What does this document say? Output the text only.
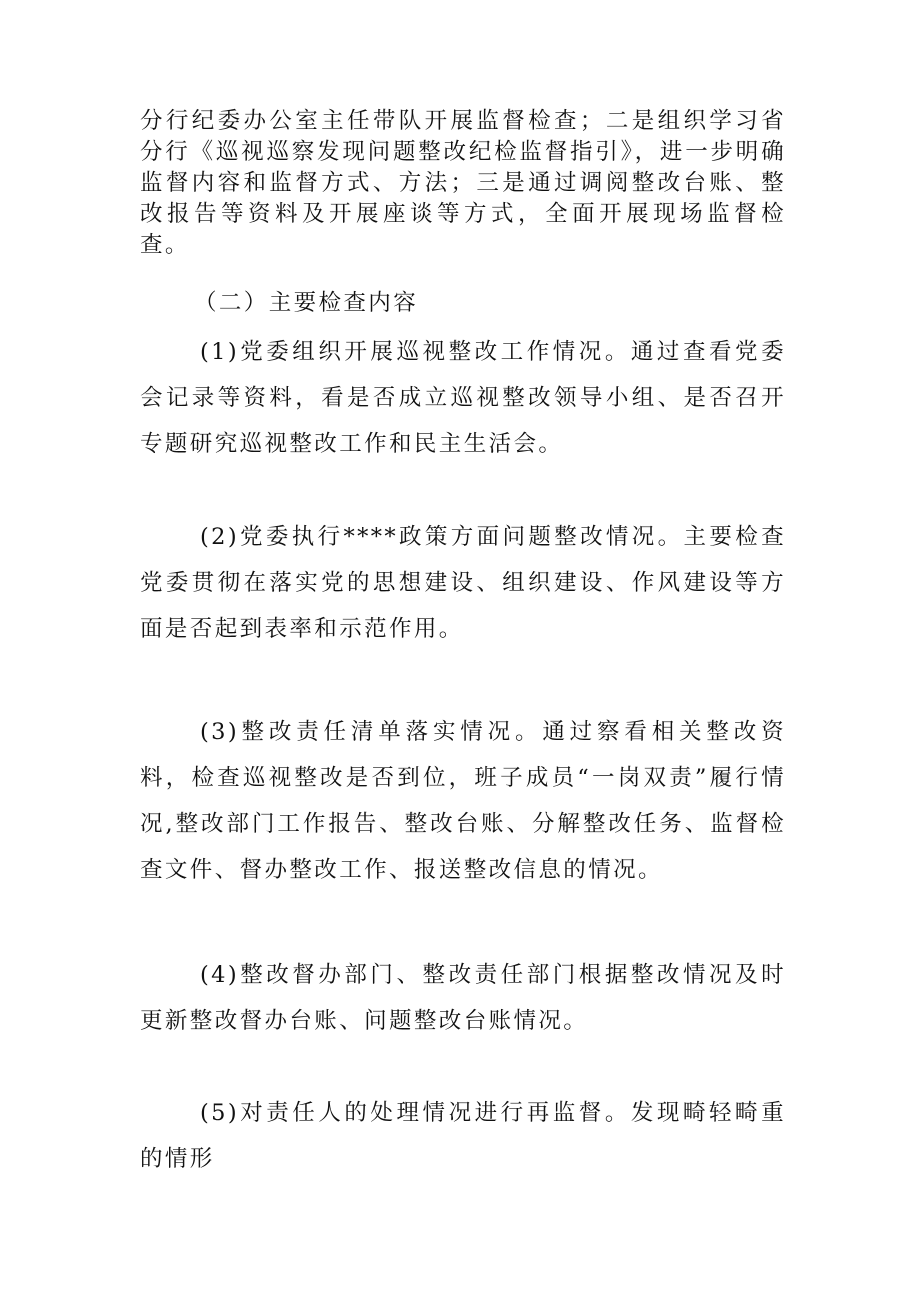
分行纪委办公室主任带队开展监督检查；二是组织学习省分行《巡视巡察发现问题整改纪检监督指引》，进一步明确监督内容和监督方式、方法；三是通过调阅整改台账、整改报告等资料及开展座谈等方式，全面开展现场监督检查。

（二）主要检查内容

(1)党委组织开展巡视整改工作情况。通过查看党委会记录等资料，看是否成立巡视整改领导小组、是否召开专题研究巡视整改工作和民主生活会。

(2)党委执行****政策方面问题整改情况。主要检查党委贯彻在落实党的思想建设、组织建设、作风建设等方面是否起到表率和示范作用。

(3)整改责任清单落实情况。通过察看相关整改资料，检查巡视整改是否到位，班子成员“一岗双责”履行情况,整改部门工作报告、整改台账、分解整改任务、监督检查文件、督办整改工作、报送整改信息的情况。

(4)整改督办部门、整改责任部门根据整改情况及时更新整改督办台账、问题整改台账情况。

(5)对责任人的处理情况进行再监督。发现畸轻畸重的情形
